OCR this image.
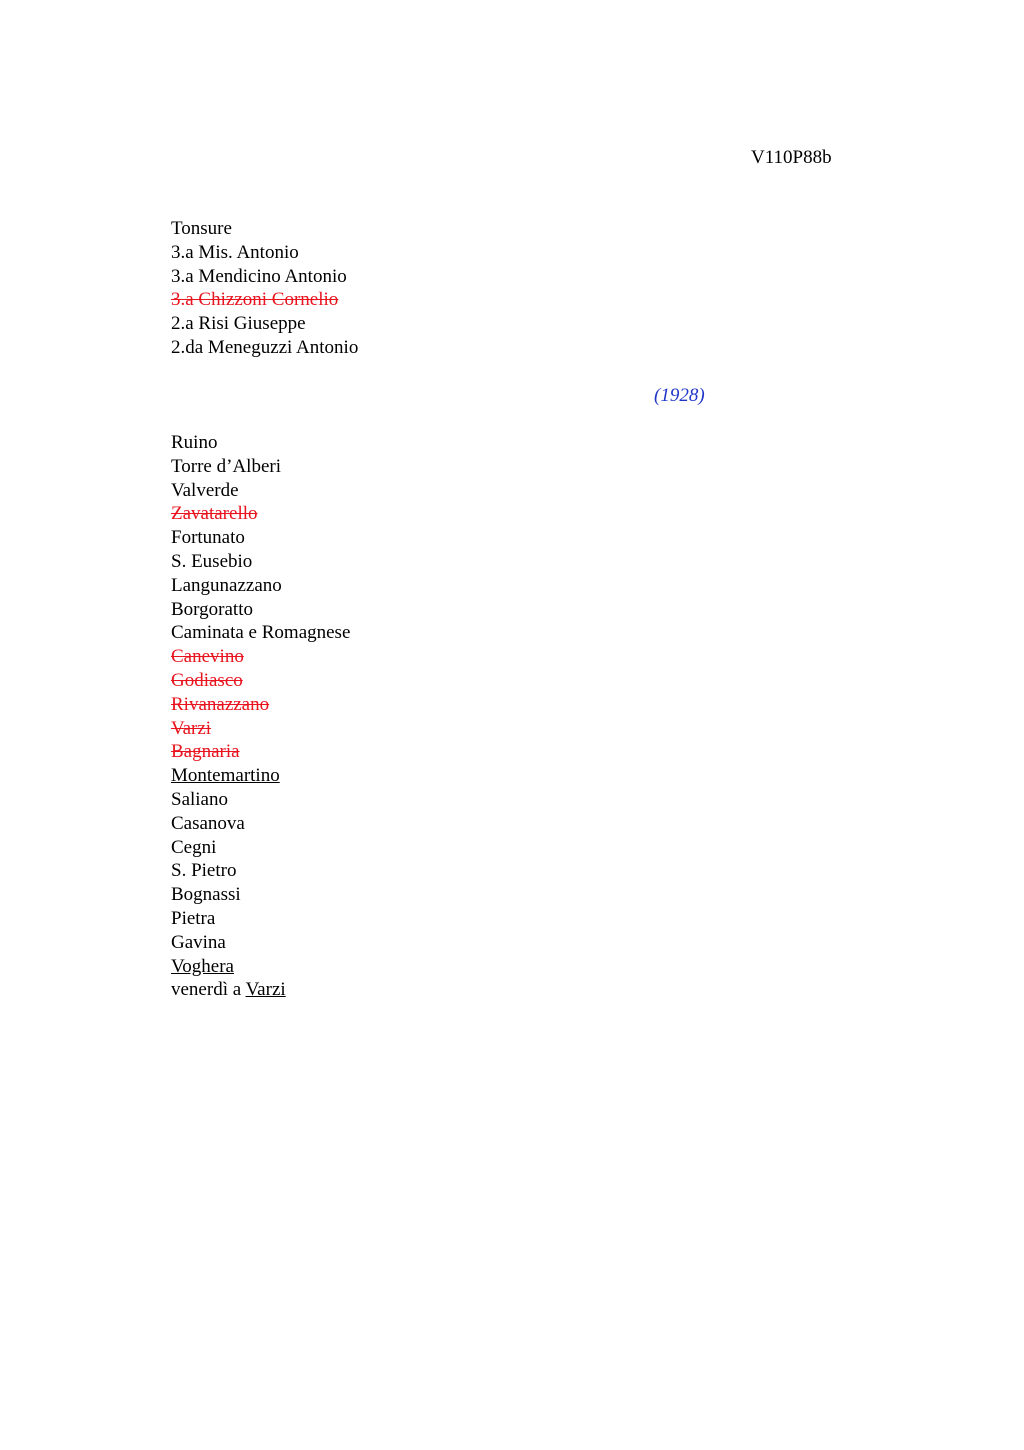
V110P88b
Tonsure
3.a Mis. Antonio
3.a Mendicino Antonio
3.a Chizzoni Cornelio
2.a Risi Giuseppe
2.da Meneguzzi Antonio
(1928)
Ruino
Torre d’Alberi
Valverde
Zavatarello
Fortunato
S. Eusebio
Langunazzano
Borgoratto
Caminata e Romagnese
Canevino
Godiasco
Rivanazzano
Varzi
Bagnaria
Montemartino
Saliano
Casanova
Cegni
S. Pietro
Bognassi
Pietra
Gavina
Voghera
venerdì a Varzi
